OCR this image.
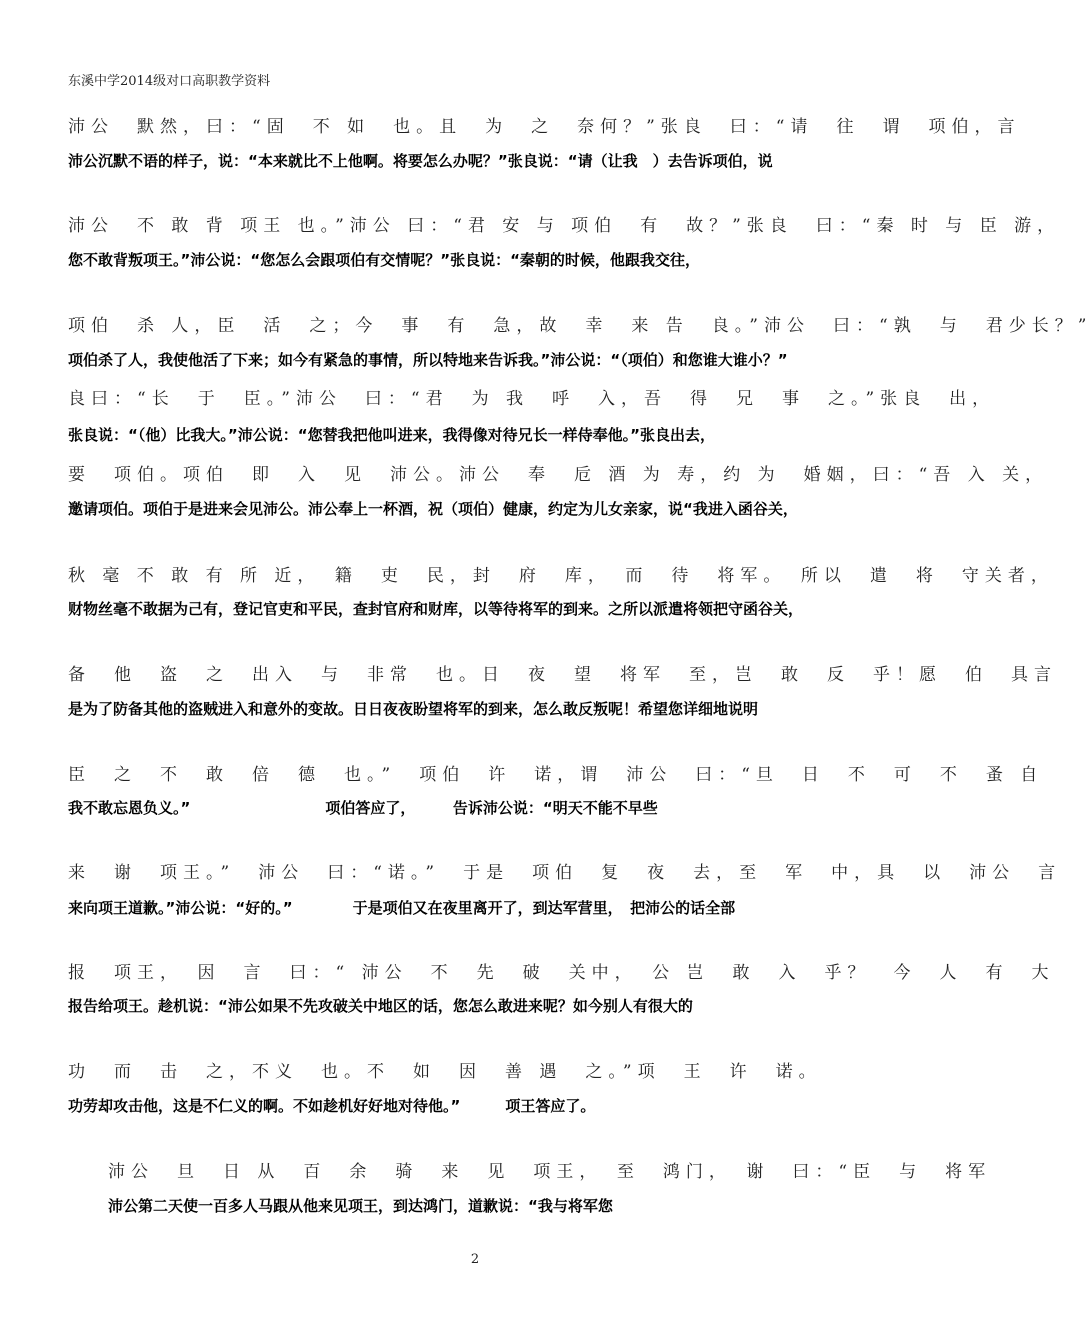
东溪中学2014级对口高职教学资料
沛公　默然，曰：“固　不 如　也。且　为　之　奈何？”张良　曰：“请　往　谓　项伯，言
沛公沉默不语的样子，说：“本来就比不上他啊。将要怎么办呢？”张良说：“请（让我　）去告诉项伯，说
沛公　不 敢 背 项王 也。”沛公 曰：“君 安 与 项伯　有　故？”张良　曰：“秦 时 与 臣 游，
您不敢背叛项王。”沛公说：“您怎么会跟项伯有交情呢？”张良说：“秦朝的时候，他跟我交往，
项伯　杀 人，臣　活　之；今　事　有　急，故　幸　来 告　良。”沛公　曰：“孰　与　君少长？”
项伯杀了人，我使他活了下来；如今有紧急的事情，所以特地来告诉我。”沛公说：“（项伯）和您谁大谁小？”
良曰：“长　于　臣。”沛公　曰：“君　为 我　呼　入，吾　得　兄　事　之。”张良　出，
张良说：“（他）比我大。”沛公说：“您替我把他叫进来，我得像对待兄长一样侍奉他。”张良出去，
要　项伯。项伯　即　入　见　沛公。沛公　奉　卮 酒 为 寿，约 为　婚姻，曰：“吾 入 关，
邀请项伯。项伯于是进来会见沛公。沛公奉上一杯酒，祝（项伯）健康，约定为儿女亲家，说“我进入函谷关，
秋 毫 不 敢 有 所 近，　籍　吏　民，封　府　库，　而　待　将军。　所以　遣　将　守关者，
财物丝毫不敢据为己有，登记官吏和平民，查封官府和财库，以等待将军的到来。之所以派遣将领把守函谷关，
备　他　盗　之　出入　与　非常　也。日　夜　望　将军　至，岂　敢　反　乎！愿　伯　具言
是为了防备其他的盗贼进入和意外的变故。日日夜夜盼望将军的到来，怎么敢反叛呢！希望您详细地说明
臣　之　不　敢　倍　德　也。”　项伯　许　诺，谓　沛公　曰：“旦　日　不　可　不　蚤 自
我不敢忘恩负义。”　　　　　　　　　项伯答应了，　　　告诉沛公说：“明天不能不早些
来　谢　项王。”　沛公　曰：“诺。”　于是　项伯　复　夜　去，至　军　中，具　以　沛公　言
来向项王道歉。”沛公说：“好的。”　　　　于是项伯又在夜里离开了，到达军营里，　把沛公的话全部
报　项王，　因　言　曰：“ 沛公　不　先　破　关中，　公 岂　敢　入　乎？　今　人　有　大
报告给项王。趁机说：“沛公如果不先攻破关中地区的话，您怎么敢进来呢？如今别人有很大的
功　而　击　之，不义　也。不　如　因　善 遇　之。”项　王　许　诺。
功劳却攻击他，这是不仁义的啊。不如趁机好好地对待他。”　　　项王答应了。
沛公　旦　日 从　百　余　骑　来　见　项王，　至　鸿门，　谢　曰：“臣　与　将军
沛公第二天使一百多人马跟从他来见项王，到达鸿门，道歉说：“我与将军您
2
